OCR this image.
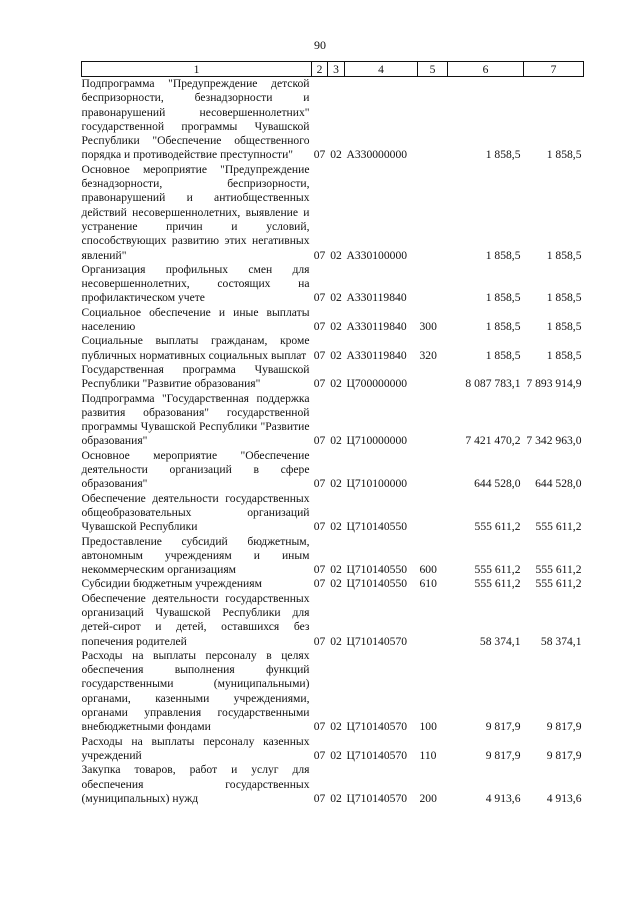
90
1	2	3	4	5	6	7
Подпрограмма "Предупреждение детской беспризорности, безнадзорности и правонарушений несовершеннолетних" государственной программы Чувашской Республики "Обеспечение общественного порядка и противодействие преступности"	07	02	А330000000		1 858,5	1 858,5
Основное мероприятие "Предупреждение безнадзорности, беспризорности, правонарушений и антиобщественных действий несовершеннолетних, выявление и устранение причин и условий, способствующих развитию этих негативных явлений"	07	02	А330100000		1 858,5	1 858,5
Организация профильных смен для несовершеннолетних, состоящих на профилактическом учете	07	02	А330119840		1 858,5	1 858,5
Социальное обеспечение и иные выплаты населению	07	02	А330119840	300	1 858,5	1 858,5
Социальные выплаты гражданам, кроме публичных нормативных социальных выплат	07	02	А330119840	320	1 858,5	1 858,5
Государственная программа Чувашской Республики "Развитие образования"	07	02	Ц700000000		8 087 783,1	7 893 914,9
Подпрограмма "Государственная поддержка развития образования" государственной программы Чувашской Республики "Развитие образования"	07	02	Ц710000000		7 421 470,2	7 342 963,0
Основное мероприятие "Обеспечение деятельности организаций в сфере образования"	07	02	Ц710100000		644 528,0	644 528,0
Обеспечение деятельности государственных общеобразовательных организаций Чувашской Республики	07	02	Ц710140550		555 611,2	555 611,2
Предоставление субсидий бюджетным, автономным учреждениям и иным некоммерческим организациям	07	02	Ц710140550	600	555 611,2	555 611,2
Субсидии бюджетным учреждениям	07	02	Ц710140550	610	555 611,2	555 611,2
Обеспечение деятельности государственных организаций Чувашской Республики для детей-сирот и детей, оставшихся без попечения родителей	07	02	Ц710140570		58 374,1	58 374,1
Расходы на выплаты персоналу в целях обеспечения выполнения функций государственными (муниципальными) органами, казенными учреждениями, органами управления государственными внебюджетными фондами	07	02	Ц710140570	100	9 817,9	9 817,9
Расходы на выплаты персоналу казенных учреждений	07	02	Ц710140570	110	9 817,9	9 817,9
Закупка товаров, работ и услуг для обеспечения государственных (муниципальных) нужд	07	02	Ц710140570	200	4 913,6	4 913,6
